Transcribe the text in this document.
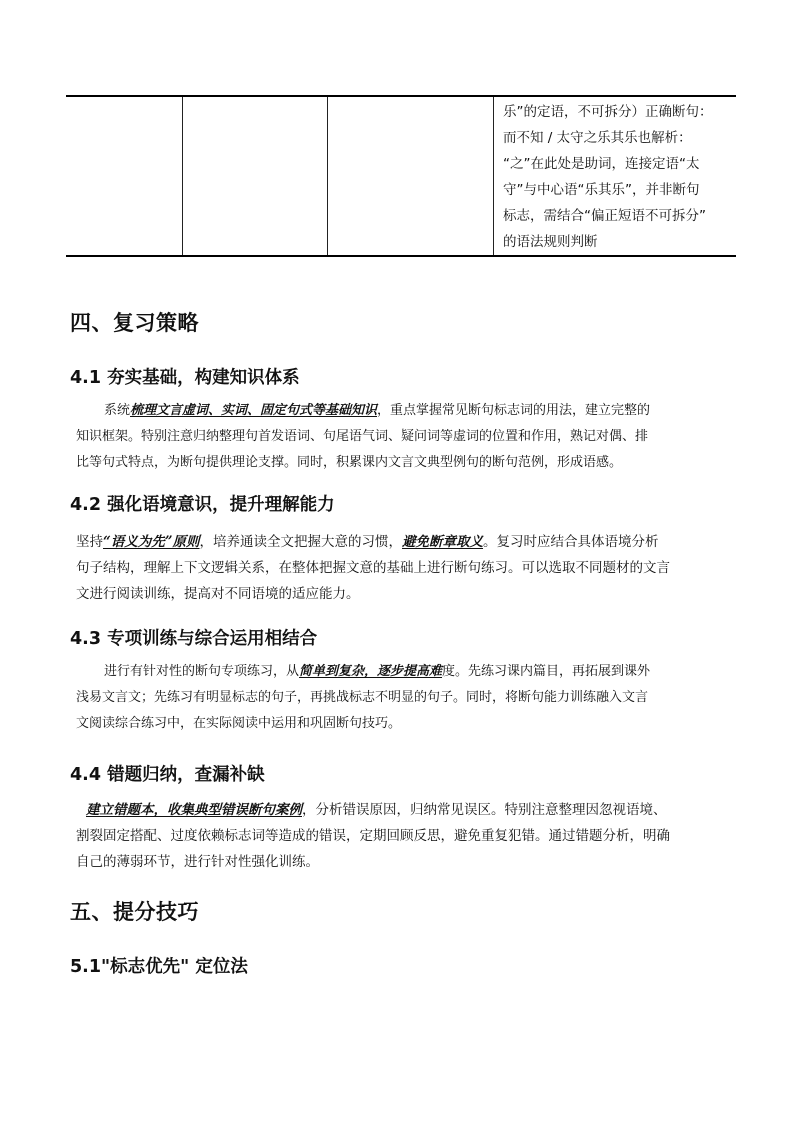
乐”的定语，不可拆分）正确断句：
而不知 / 太守之乐其乐也解析：
“之”在此处是助词，连接定语“太
守”与中心语“乐其乐”，并非断句
标志，需结合“偏正短语不可拆分”
的语法规则判断
四、复习策略
4.1 夯实基础，构建知识体系
系统梳理文言虚词、实词、固定句式等基础知识，重点掌握常见断句标志词的用法，建立完整的
知识框架。特别注意归纳整理句首发语词、句尾语气词、疑问词等虚词的位置和作用，熟记对偶、排
比等句式特点，为断句提供理论支撑。同时，积累课内文言文典型例句的断句范例，形成语感。
4.2 强化语境意识，提升理解能力
坚持“语义为先”原则，培养通读全文把握大意的习惯，避免断章取义。复习时应结合具体语境分析
句子结构，理解上下文逻辑关系，在整体把握文意的基础上进行断句练习。可以选取不同题材的文言
文进行阅读训练，提高对不同语境的适应能力。
4.3 专项训练与综合运用相结合
进行有针对性的断句专项练习，从简单到复杂，逐步提高难度。先练习课内篇目，再拓展到课外
浅易文言文；先练习有明显标志的句子，再挑战标志不明显的句子。同时，将断句能力训练融入文言
文阅读综合练习中，在实际阅读中运用和巩固断句技巧。
4.4 错题归纳，查漏补缺
建立错题本，收集典型错误断句案例，分析错误原因，归纳常见误区。特别注意整理因忽视语境、
割裂固定搭配、过度依赖标志词等造成的错误，定期回顾反思，避免重复犯错。通过错题分析，明确
自己的薄弱环节，进行针对性强化训练。
五、提分技巧
5.1"标志优先" 定位法
